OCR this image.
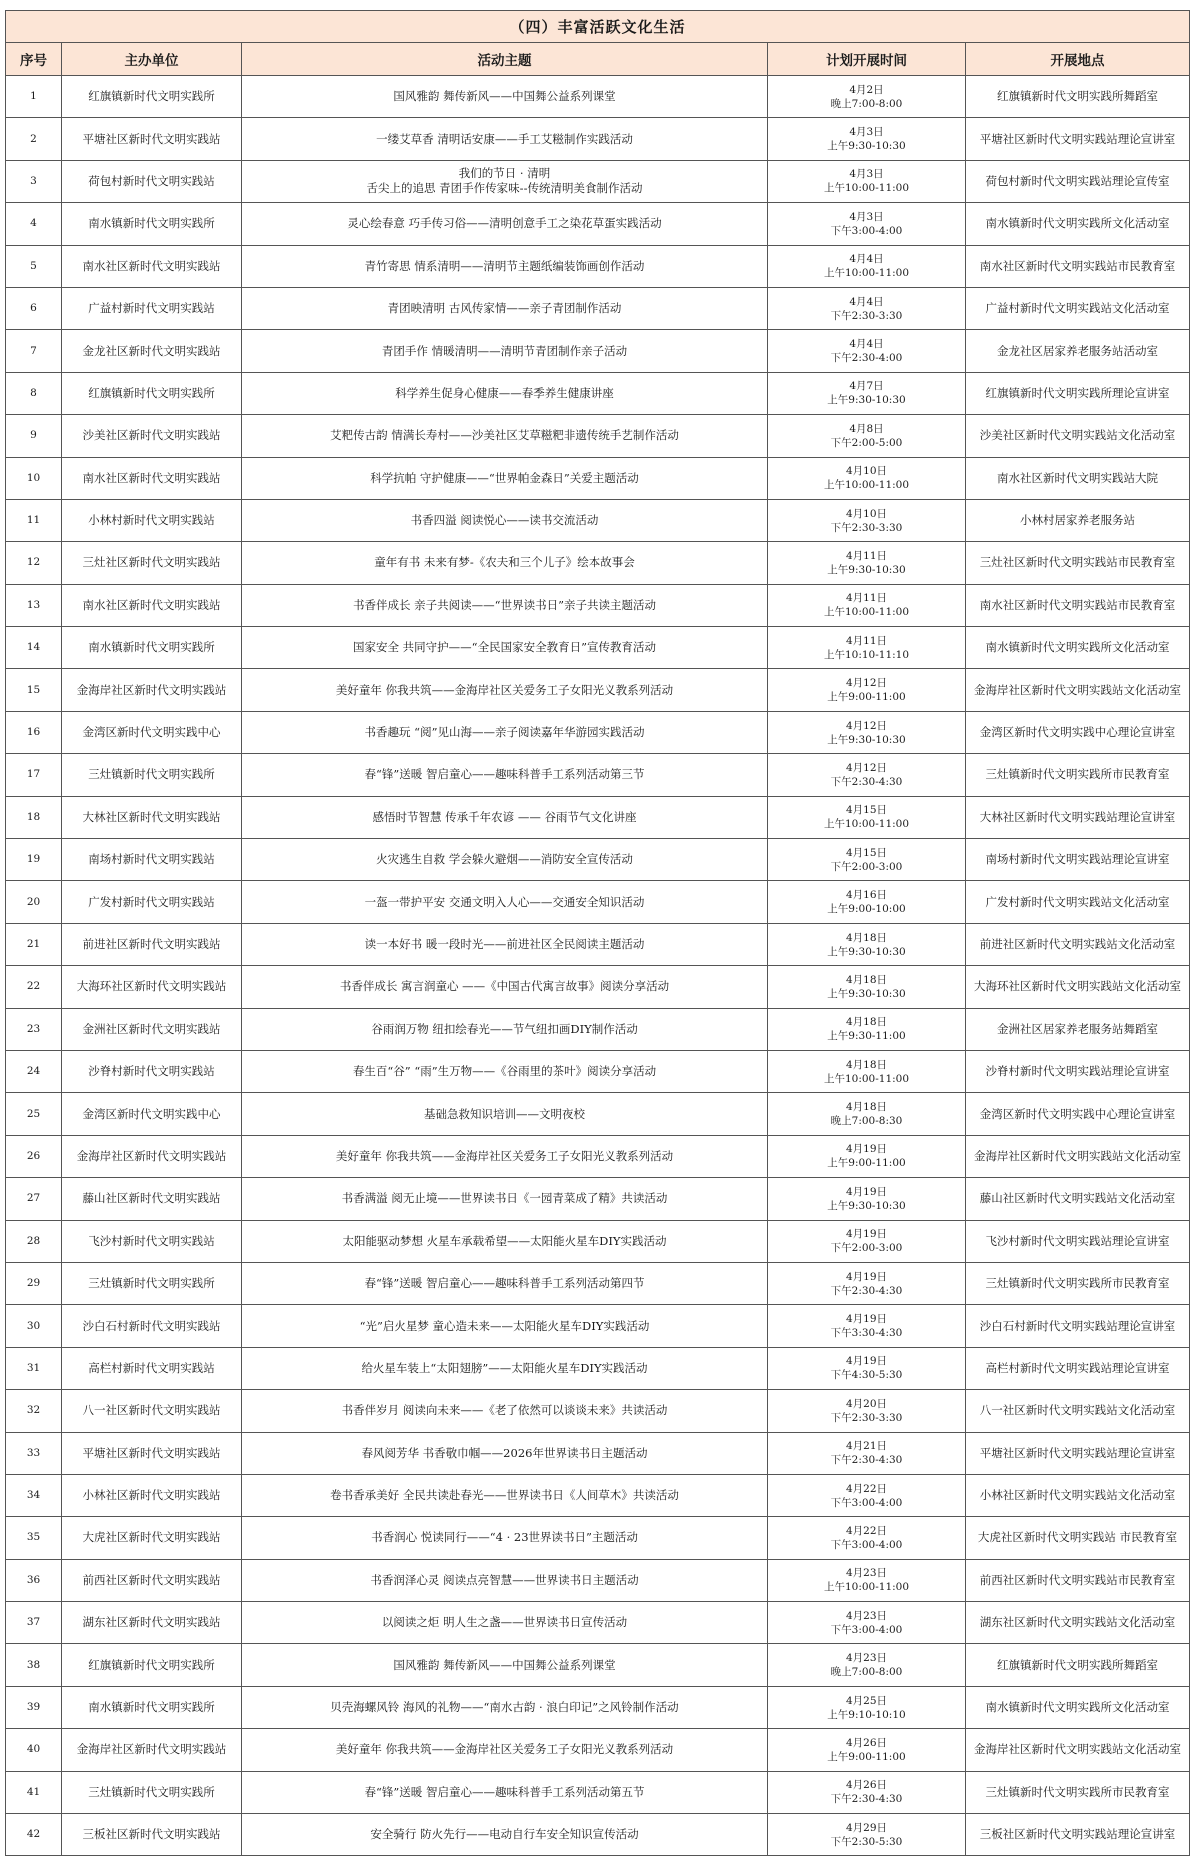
（四）丰富活跃文化生活				
序号	主办单位	活动主题	计划开展时间	开展地点
1	红旗镇新时代文明实践所	国风雅韵 舞传新风——中国舞公益系列课堂	4月2日
晚上7:00-8:00	红旗镇新时代文明实践所舞蹈室
2	平塘社区新时代文明实践站	一缕艾草香 清明话安康——手工艾糍制作实践活动	4月3日
上午9:30-10:30	平塘社区新时代文明实践站理论宣讲室
3	荷包村新时代文明实践站	我们的节日 · 清明
舌尖上的追思 青团手作传家味--传统清明美食制作活动	4月3日
上午10:00-11:00	荷包村新时代文明实践站理论宣传室
4	南水镇新时代文明实践所	灵心绘春意 巧手传习俗——清明创意手工之染花草蛋实践活动	4月3日
下午3:00-4:00	南水镇新时代文明实践所文化活动室
5	南水社区新时代文明实践站	青竹寄思 情系清明——清明节主题纸编装饰画创作活动	4月4日
上午10:00-11:00	南水社区新时代文明实践站市民教育室
6	广益村新时代文明实践站	青团映清明 古风传家情——亲子青团制作活动	4月4日
下午2:30-3:30	广益村新时代文明实践站文化活动室
7	金龙社区新时代文明实践站	青团手作 情暖清明——清明节青团制作亲子活动	4月4日
下午2:30-4:00	金龙社区居家养老服务站活动室
8	红旗镇新时代文明实践所	科学养生促身心健康——春季养生健康讲座	4月7日
上午9:30-10:30	红旗镇新时代文明实践所理论宣讲室
9	沙美社区新时代文明实践站	艾粑传古韵 情满长寿村——沙美社区艾草糍粑非遗传统手艺制作活动	4月8日
下午2:00-5:00	沙美社区新时代文明实践站文化活动室
10	南水社区新时代文明实践站	科学抗帕 守护健康——“世界帕金森日”关爱主题活动	4月10日
上午10:00-11:00	南水社区新时代文明实践站大院
11	小林村新时代文明实践站	书香四溢 阅读悦心——读书交流活动	4月10日
下午2:30-3:30	小林村居家养老服务站
12	三灶社区新时代文明实践站	童年有书 未来有梦-《农夫和三个儿子》绘本故事会	4月11日
上午9:30-10:30	三灶社区新时代文明实践站市民教育室
13	南水社区新时代文明实践站	书香伴成长 亲子共阅读——“世界读书日”亲子共读主题活动	4月11日
上午10:00-11:00	南水社区新时代文明实践站市民教育室
14	南水镇新时代文明实践所	国家安全 共同守护——“全民国家安全教育日”宣传教育活动	4月11日
上午10:10-11:10	南水镇新时代文明实践所文化活动室
15	金海岸社区新时代文明实践站	美好童年 你我共筑——金海岸社区关爱务工子女阳光义教系列活动	4月12日
上午9:00-11:00	金海岸社区新时代文明实践站文化活动室
16	金湾区新时代文明实践中心	书香趣玩 “阅”见山海——亲子阅读嘉年华游园实践活动	4月12日
上午9:30-10:30	金湾区新时代文明实践中心理论宣讲室
17	三灶镇新时代文明实践所	春“锋”送暖 智启童心——趣味科普手工系列活动第三节	4月12日
下午2:30-4:30	三灶镇新时代文明实践所市民教育室
18	大林社区新时代文明实践站	感悟时节智慧 传承千年农谚 —— 谷雨节气文化讲座	4月15日
上午10:00-11:00	大林社区新时代文明实践站理论宣讲室
19	南场村新时代文明实践站	火灾逃生自救 学会躲火避烟——消防安全宣传活动	4月15日
下午2:00-3:00	南场村新时代文明实践站理论宣讲室
20	广发村新时代文明实践站	一盔一带护平安 交通文明入人心——交通安全知识活动	4月16日
上午9:00-10:00	广发村新时代文明实践站文化活动室
21	前进社区新时代文明实践站	读一本好书 暖一段时光——前进社区全民阅读主题活动	4月18日
上午9:30-10:30	前进社区新时代文明实践站文化活动室
22	大海环社区新时代文明实践站	书香伴成长 寓言润童心 ——《中国古代寓言故事》阅读分享活动	4月18日
上午9:30-10:30	大海环社区新时代文明实践站文化活动室
23	金洲社区新时代文明实践站	谷雨润万物 纽扣绘春光——节气纽扣画DIY制作活动	4月18日
上午9:30-11:00	金洲社区居家养老服务站舞蹈室
24	沙脊村新时代文明实践站	春生百“谷” “雨”生万物——《谷雨里的茶叶》阅读分享活动	4月18日
上午10:00-11:00	沙脊村新时代文明实践站理论宣讲室
25	金湾区新时代文明实践中心	基础急救知识培训——文明夜校	4月18日
晚上7:00-8:30	金湾区新时代文明实践中心理论宣讲室
26	金海岸社区新时代文明实践站	美好童年 你我共筑——金海岸社区关爱务工子女阳光义教系列活动	4月19日
上午9:00-11:00	金海岸社区新时代文明实践站文化活动室
27	藤山社区新时代文明实践站	书香满溢 阅无止境——世界读书日《一园青菜成了精》共读活动	4月19日
上午9:30-10:30	藤山社区新时代文明实践站文化活动室
28	飞沙村新时代文明实践站	太阳能驱动梦想 火星车承载希望——太阳能火星车DIY实践活动	4月19日
下午2:00-3:00	飞沙村新时代文明实践站理论宣讲室
29	三灶镇新时代文明实践所	春“锋”送暖 智启童心——趣味科普手工系列活动第四节	4月19日
下午2:30-4:30	三灶镇新时代文明实践所市民教育室
30	沙白石村新时代文明实践站	“光”启火星梦 童心造未来——太阳能火星车DIY实践活动	4月19日
下午3:30-4:30	沙白石村新时代文明实践站理论宣讲室
31	高栏村新时代文明实践站	给火星车装上“太阳翅膀”——太阳能火星车DIY实践活动	4月19日
下午4:30-5:30	高栏村新时代文明实践站理论宣讲室
32	八一社区新时代文明实践站	书香伴岁月 阅读向未来——《老了依然可以谈谈未来》共读活动	4月20日
下午2:30-3:30	八一社区新时代文明实践站文化活动室
33	平塘社区新时代文明实践站	春风阅芳华 书香敬巾帼——2026年世界读书日主题活动	4月21日
下午2:30-4:30	平塘社区新时代文明实践站理论宣讲室
34	小林社区新时代文明实践站	卷书香承美好 全民共读赴春光——世界读书日《人间草木》共读活动	4月22日
下午3:00-4:00	小林社区新时代文明实践站文化活动室
35	大虎社区新时代文明实践站	书香润心 悦读同行——“4 · 23世界读书日”主题活动	4月22日
下午3:00-4:00	大虎社区新时代文明实践站 市民教育室
36	前西社区新时代文明实践站	书香润泽心灵 阅读点亮智慧——世界读书日主题活动	4月23日
上午10:00-11:00	前西社区新时代文明实践站市民教育室
37	湖东社区新时代文明实践站	以阅读之炬 明人生之盏——世界读书日宣传活动	4月23日
下午3:00-4:00	湖东社区新时代文明实践站文化活动室
38	红旗镇新时代文明实践所	国风雅韵 舞传新风——中国舞公益系列课堂	4月23日
晚上7:00-8:00	红旗镇新时代文明实践所舞蹈室
39	南水镇新时代文明实践所	贝壳海螺风铃 海风的礼物——“南水古韵 · 浪白印记”之风铃制作活动	4月25日
上午9:10-10:10	南水镇新时代文明实践所文化活动室
40	金海岸社区新时代文明实践站	美好童年 你我共筑——金海岸社区关爱务工子女阳光义教系列活动	4月26日
上午9:00-11:00	金海岸社区新时代文明实践站文化活动室
41	三灶镇新时代文明实践所	春“锋”送暖 智启童心——趣味科普手工系列活动第五节	4月26日
下午2:30-4:30	三灶镇新时代文明实践所市民教育室
42	三板社区新时代文明实践站	安全骑行 防火先行——电动自行车安全知识宣传活动	4月29日
下午2:30-5:30	三板社区新时代文明实践站理论宣讲室
